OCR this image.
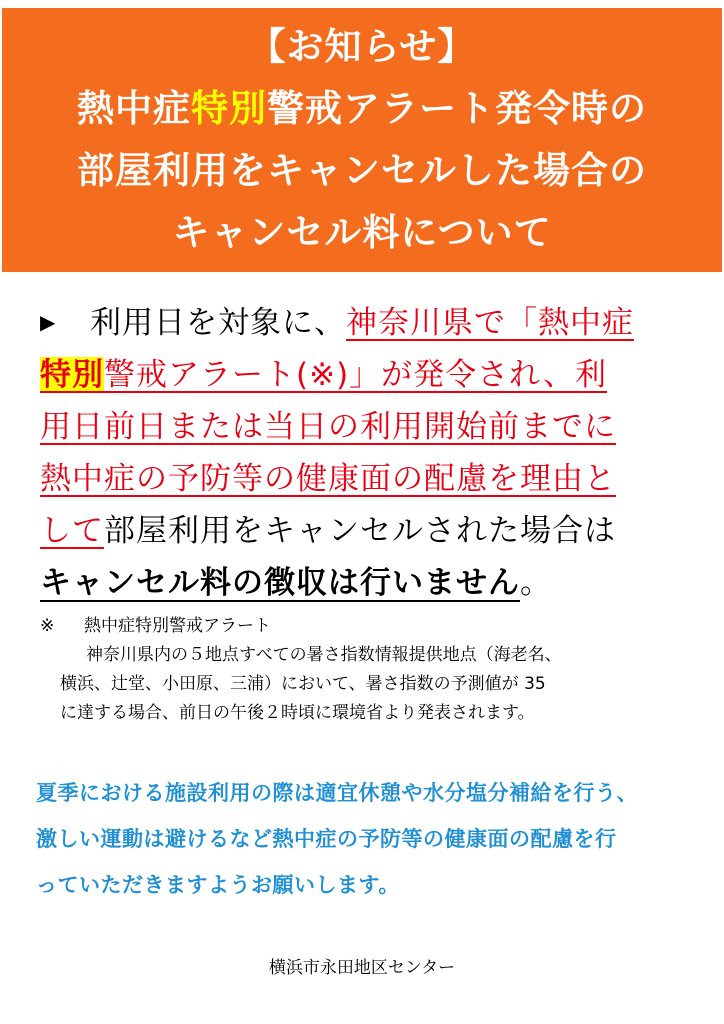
【お知らせ】
熱中症特別警戒アラート発令時の
部屋利用をキャンセルした場合の
キャンセル料について
▶ 利用日を対象に、神奈川県で「熱中症
特別警戒アラート(※)」が発令され、利
用日前日または当日の利用開始前までに
熱中症の予防等の健康面の配慮を理由と
して部屋利用をキャンセルされた場合は
キャンセル料の徴収は行いません。
※ 熱中症特別警戒アラート
神奈川県内の５地点すべての暑さ指数情報提供地点（海老名、
横浜、辻堂、小田原、三浦）において、暑さ指数の予測値が 35
に達する場合、前日の午後２時頃に環境省より発表されます。
夏季における施設利用の際は適宜休憩や水分塩分補給を行う、
激しい運動は避けるなど熱中症の予防等の健康面の配慮を行
っていただきますようお願いします。
横浜市永田地区センター
